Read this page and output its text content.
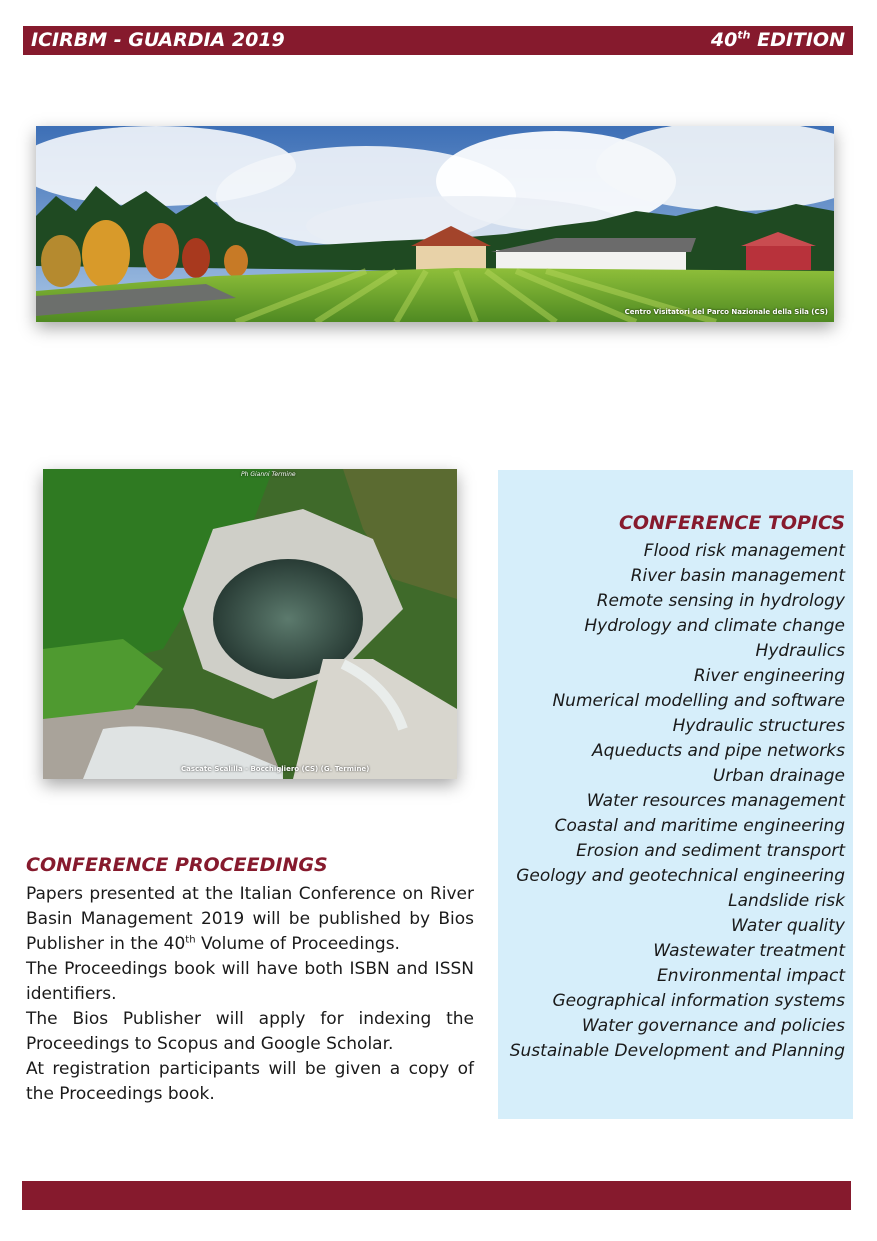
ICIRBM - GUARDIA 2019	40th EDITION
Centro Visitatori del Parco Nazionale della Sila (CS)
Ph Gianni Termine
Cascate Scalilla - Bocchigliero (CS) (G. Termine)
CONFERENCE TOPICS
Flood risk management
River basin management
Remote sensing in hydrology
Hydrology and climate change
Hydraulics
River engineering
Numerical modelling and software
Hydraulic structures
Aqueducts and pipe networks
Urban drainage
Water resources management
Coastal and maritime engineering
Erosion and sediment transport
Geology and geotechnical engineering
Landslide risk
Water quality
Wastewater treatment
Environmental impact
Geographical information systems
Water governance and policies
Sustainable Development and Planning
CONFERENCE PROCEEDINGS

Papers presented at the Italian Conference on River Basin Management 2019 will be published by Bios Publisher in the 40th Volume of Proceedings.

The Proceedings book will have both ISBN and ISSN identifiers.

The Bios Publisher will apply for indexing the Proceedings to Scopus and Google Scholar.

At registration participants will be given a copy of the Proceedings book.
